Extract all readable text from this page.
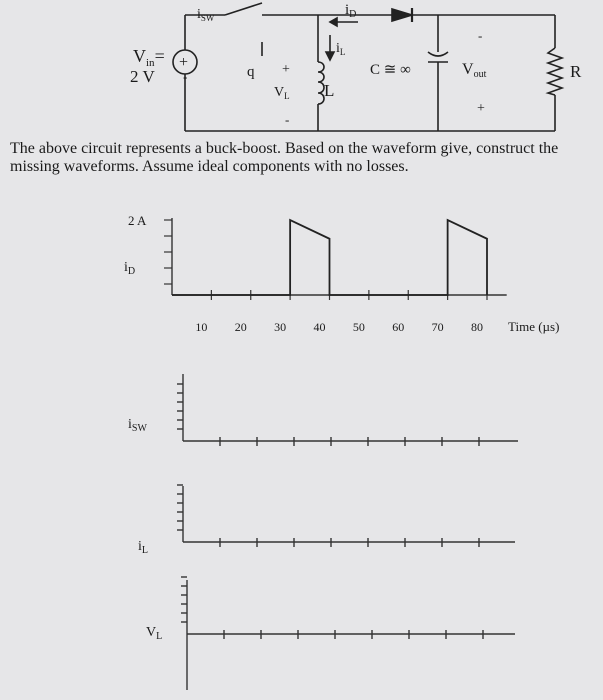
$V_{in}=$
2 V
+
-
$i_{SW}$
q +
$V_L$
-
$i_L$
L
$i_D$
C ≅ ∞
-
Vout
+
R

The above circuit represents a buck-boost. Based on the waveform give, construct the missing waveforms. Assume ideal components with no losses.

2 A
$i_D$
Time (µs)
10 20 30 40 50 60 70 80
$i_{SW}$
$i_L$
$V_L$
